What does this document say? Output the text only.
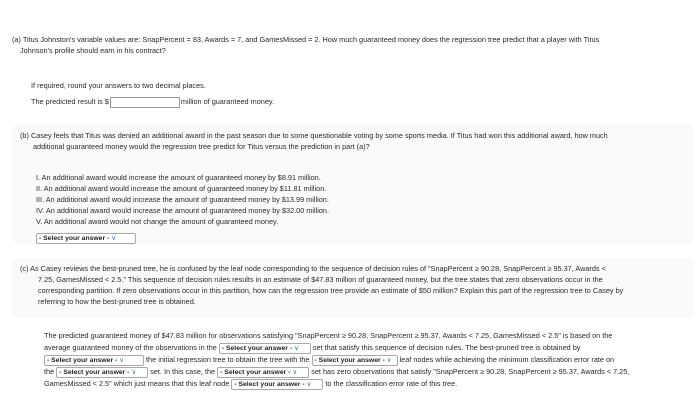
(a) Titus Johnston's variable values are: SnapPercent = 83, Awards = 7, and GamesMissed = 2. How much guaranteed money does the regression tree predict that a player with Titus
Johnson's profile should earn in his contract?
If required, round your answers to two decimal places.
The predicted result is $	million of guaranteed money.
(b) Casey feels that Titus was denied an additional award in the past season due to some questionable voting by some sports media. If Titus had won this additional award, how much
additional guaranteed money would the regression tree predict for Titus versus the prediction in part (a)?
I. An additional award would increase the amount of guaranteed money by $8.91 million.
II. An additional award would increase the amount of guaranteed money by $11.81 million.
III. An additional award would increase the amount of guaranteed money by $13.99 million.
IV. An additional award would increase the amount of guaranteed money by $32.00 million.
V. An additional award would not change the amount of guaranteed money.
- Select your answer - ∨
(c) As Casey reviews the best-pruned tree, he is confused by the leaf node corresponding to the sequence of decision rules of "SnapPercent ≥ 90.28, SnapPercent ≥ 95.37, Awards <
7.25, GamesMissed < 2.5." This sequence of decision rules results in an estimate of $47.83 million of guaranteed money, but the tree states that zero observations occur in the
corresponding partition. If zero observations occur in this partition, how can the regression tree provide an estimate of $50 million? Explain this part of the regression tree to Casey by
referring to how the best-pruned tree is obtained.
The predicted guaranteed money of $47.83 million for observations satisfying "SnapPercent ≥ 90.28, SnapPercent ≥ 95.37, Awards < 7.25, GamesMissed < 2.5" is based on the
average guaranteed money of the observations in the - Select your answer - ∨ set that satisfy this sequence of decision rules. The best-pruned tree is obtained by
- Select your answer - ∨	the initial regression tree to obtain the tree with the - Select your answer - ∨ leaf nodes while achieving the minimum classification error rate on
the - Select your answer - ∨ set. In this case, the - Select your answer - ∨ set has zero observations that satisfy "SnapPercent ≥ 90.28, SnapPercent ≥ 95.37, Awards < 7.25,
GamesMissed < 2.5" which just means that this leaf node - Select your answer - ∨ to the classification error rate of this tree.
